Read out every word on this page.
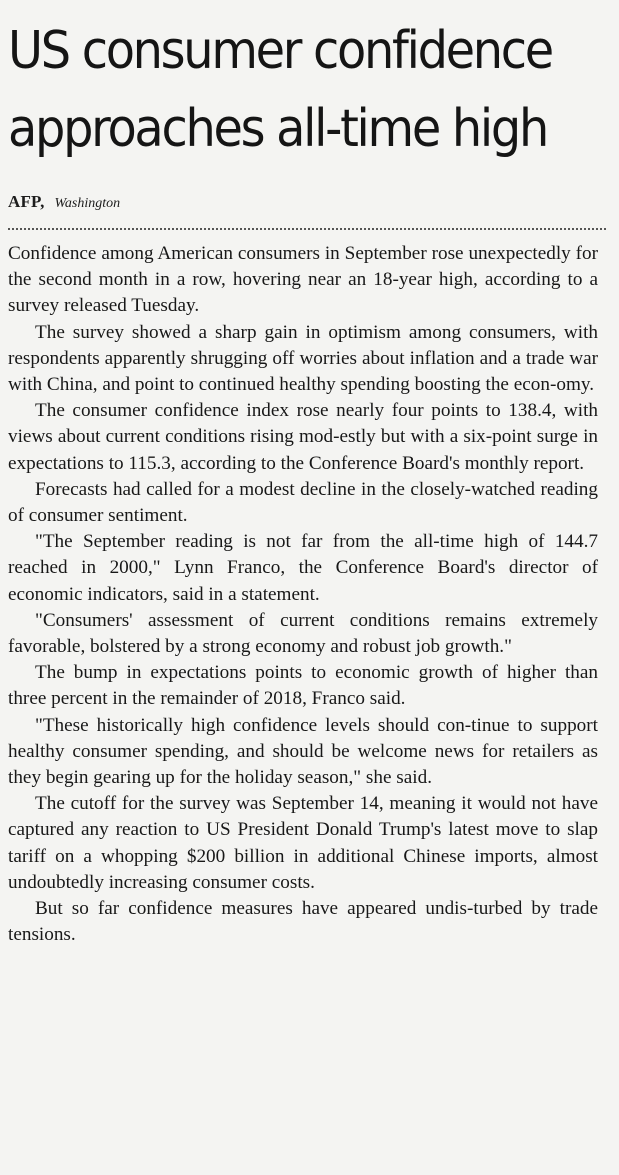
US consumer confidence
approaches all-time high
AFP, Washington

Confidence among American consumers in September rose unexpectedly for the second month in a row, hovering near an 18-year high, according to a survey released Tuesday.

The survey showed a sharp gain in optimism among consumers, with respondents apparently shrugging off worries about inflation and a trade war with China, and point to continued healthy spending boosting the econ-omy.

The consumer confidence index rose nearly four points to 138.4, with views about current conditions rising mod-estly but with a six-point surge in expectations to 115.3, according to the Conference Board's monthly report.

Forecasts had called for a modest decline in the closely-watched reading of consumer sentiment.

"The September reading is not far from the all-time high of 144.7 reached in 2000," Lynn Franco, the Conference Board's director of economic indicators, said in a statement.

"Consumers' assessment of current conditions remains extremely favorable, bolstered by a strong economy and robust job growth."

The bump in expectations points to economic growth of higher than three percent in the remainder of 2018, Franco said.

"These historically high confidence levels should con-tinue to support healthy consumer spending, and should be welcome news for retailers as they begin gearing up for the holiday season," she said.

The cutoff for the survey was September 14, meaning it would not have captured any reaction to US President Donald Trump's latest move to slap tariff on a whopping $200 billion in additional Chinese imports, almost undoubtedly increasing consumer costs.

But so far confidence measures have appeared undis-turbed by trade tensions.
